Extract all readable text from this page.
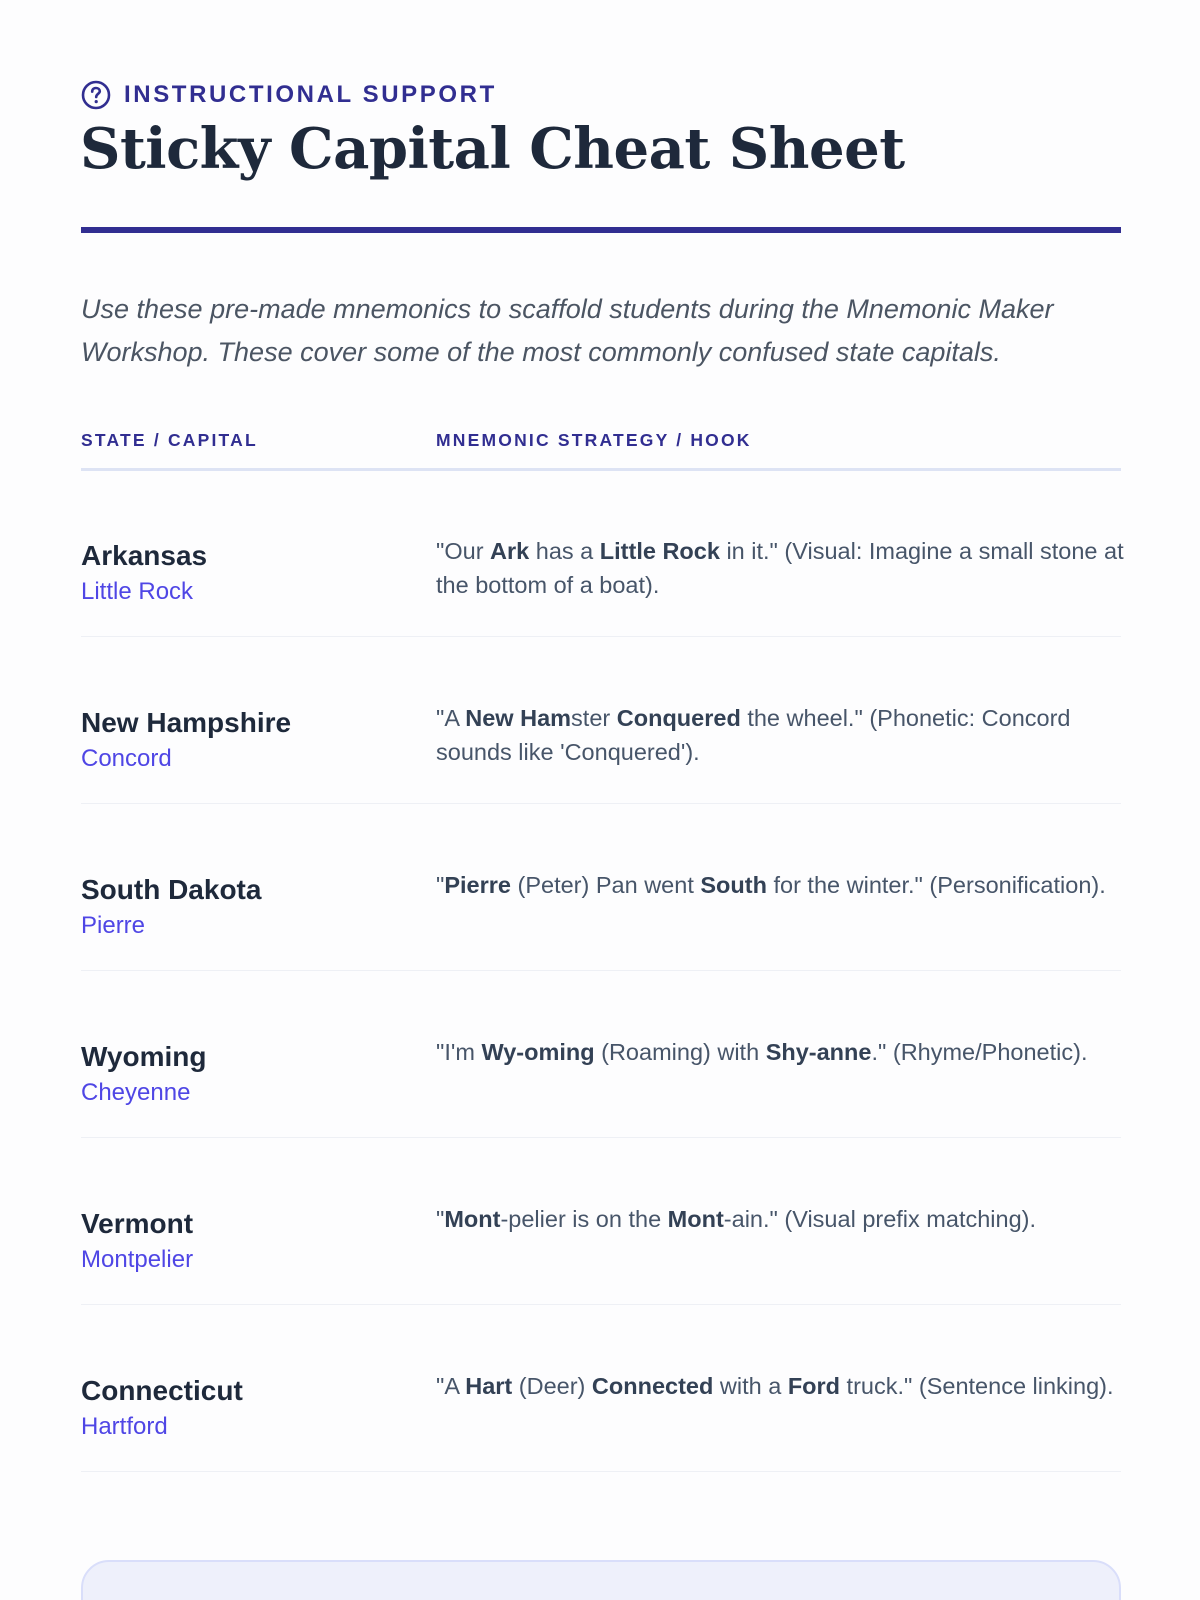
INSTRUCTIONAL SUPPORT
Sticky Capital Cheat Sheet

Use these pre-made mnemonics to scaffold students during the Mnemonic Maker Workshop. These cover some of the most commonly confused state capitals.

STATE / CAPITAL	MNEMONIC STRATEGY / HOOK
Arkansas
Little Rock
"Our Ark has a Little Rock in it." (Visual: Imagine a small stone at the bottom of a boat).
New Hampshire
Concord
"A New Hamster Conquered the wheel." (Phonetic: Concord sounds like 'Conquered').
South Dakota
Pierre
"Pierre (Peter) Pan went South for the winter." (Personification).
Wyoming
Cheyenne
"I'm Wy-oming (Roaming) with Shy-anne." (Rhyme/Phonetic).
Vermont
Montpelier
"Mont-pelier is on the Mont-ain." (Visual prefix matching).
Connecticut
Hartford
"A Hart (Deer) Connected with a Ford truck." (Sentence linking).
